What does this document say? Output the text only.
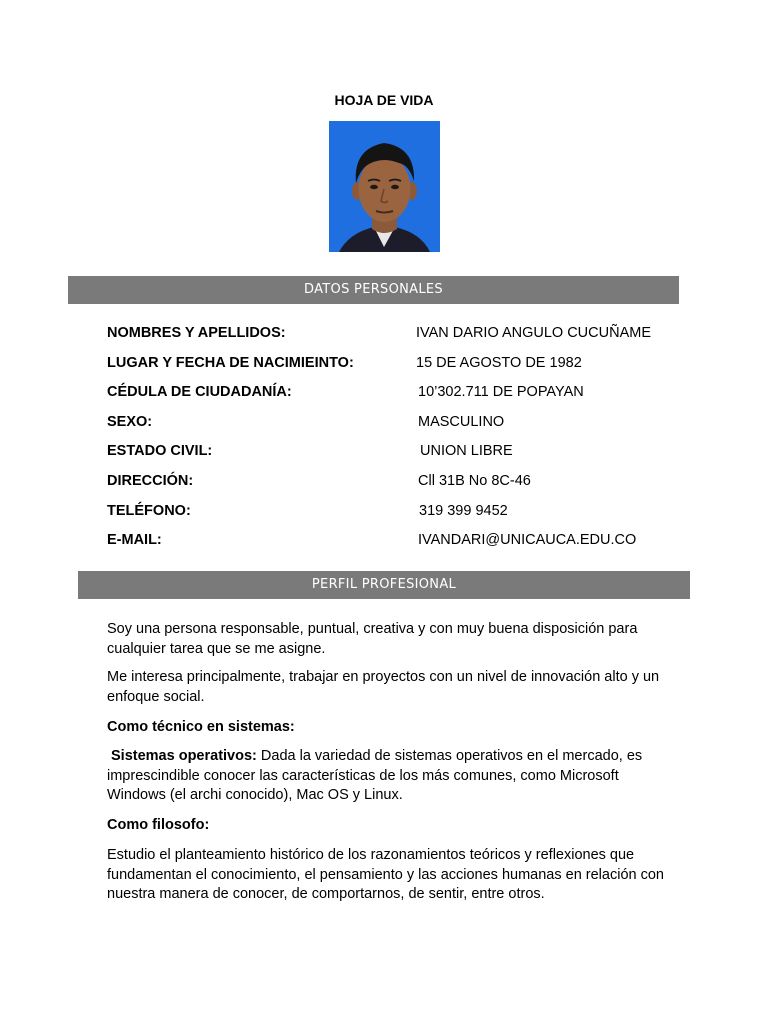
HOJA DE VIDA
DATOS PERSONALES
NOMBRES Y APELLIDOS:	IVAN DARIO ANGULO CUCUÑAME
LUGAR Y FECHA DE NACIMIEINTO:	15 DE AGOSTO DE 1982
CÉDULA DE CIUDADANÍA:	10’302.711 DE POPAYAN
SEXO:	MASCULINO
ESTADO CIVIL:	UNION LIBRE
DIRECCIÓN:	Cll 31B No 8C-46
TELÉFONO:	319 399 9452
E-MAIL:	IVANDARI@UNICAUCA.EDU.CO
PERFIL PROFESIONAL
Soy una persona responsable, puntual, creativa y con muy buena disposición para cualquier tarea que se me asigne.
Me interesa principalmente, trabajar en proyectos con un nivel de innovación alto y un enfoque social.
Como técnico en sistemas:
Sistemas operativos: Dada la variedad de sistemas operativos en el mercado, es imprescindible conocer las características de los más comunes, como Microsoft Windows (el archi conocido), Mac OS y Linux.
Como filosofo:
Estudio el planteamiento histórico de los razonamientos teóricos y reflexiones que fundamentan el conocimiento, el pensamiento y las acciones humanas en relación con nuestra manera de conocer, de comportarnos, de sentir, entre otros.
